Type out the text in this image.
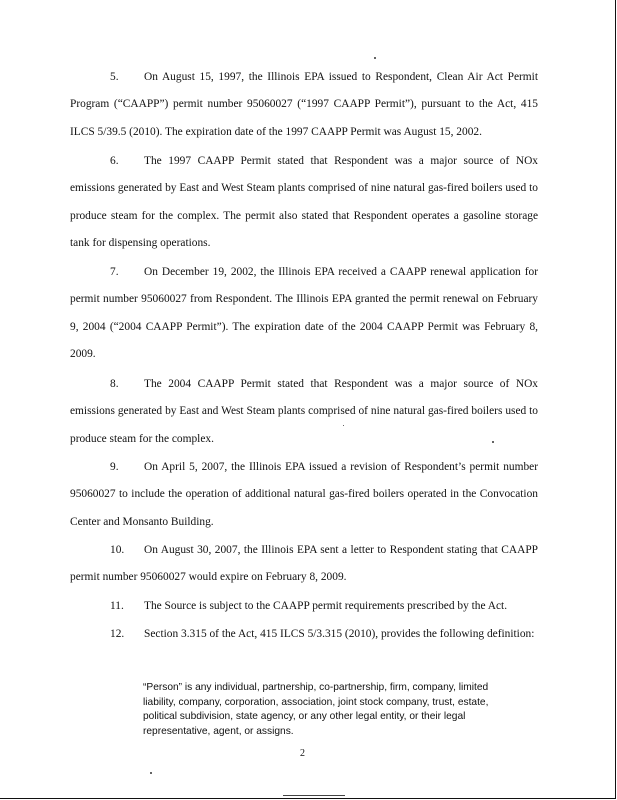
5. On August 15, 1997, the Illinois EPA issued to Respondent, Clean Air Act Permit Program (“CAAPP”) permit number 95060027 (“1997 CAAPP Permit”), pursuant to the Act, 415 ILCS 5/39.5 (2010). The expiration date of the 1997 CAAPP Permit was August 15, 2002.

6. The 1997 CAAPP Permit stated that Respondent was a major source of NOx emissions generated by East and West Steam plants comprised of nine natural gas-fired boilers used to produce steam for the complex. The permit also stated that Respondent operates a gasoline storage tank for dispensing operations.

7. On December 19, 2002, the Illinois EPA received a CAAPP renewal application for permit number 95060027 from Respondent. The Illinois EPA granted the permit renewal on February 9, 2004 (“2004 CAAPP Permit”). The expiration date of the 2004 CAAPP Permit was February 8, 2009.

8. The 2004 CAAPP Permit stated that Respondent was a major source of NOx emissions generated by East and West Steam plants comprised of nine natural gas-fired boilers used to produce steam for the complex.

9. On April 5, 2007, the Illinois EPA issued a revision of Respondent’s permit number 95060027 to include the operation of additional natural gas-fired boilers operated in the Convocation Center and Monsanto Building.

10. On August 30, 2007, the Illinois EPA sent a letter to Respondent stating that CAAPP permit number 95060027 would expire on February 8, 2009.

11. The Source is subject to the CAAPP permit requirements prescribed by the Act.

12. Section 3.315 of the Act, 415 ILCS 5/3.315 (2010), provides the following definition:

“Person” is any individual, partnership, co-partnership, firm, company, limited liability, company, corporation, association, joint stock company, trust, estate, political subdivision, state agency, or any other legal entity, or their legal representative, agent, or assigns.

2
